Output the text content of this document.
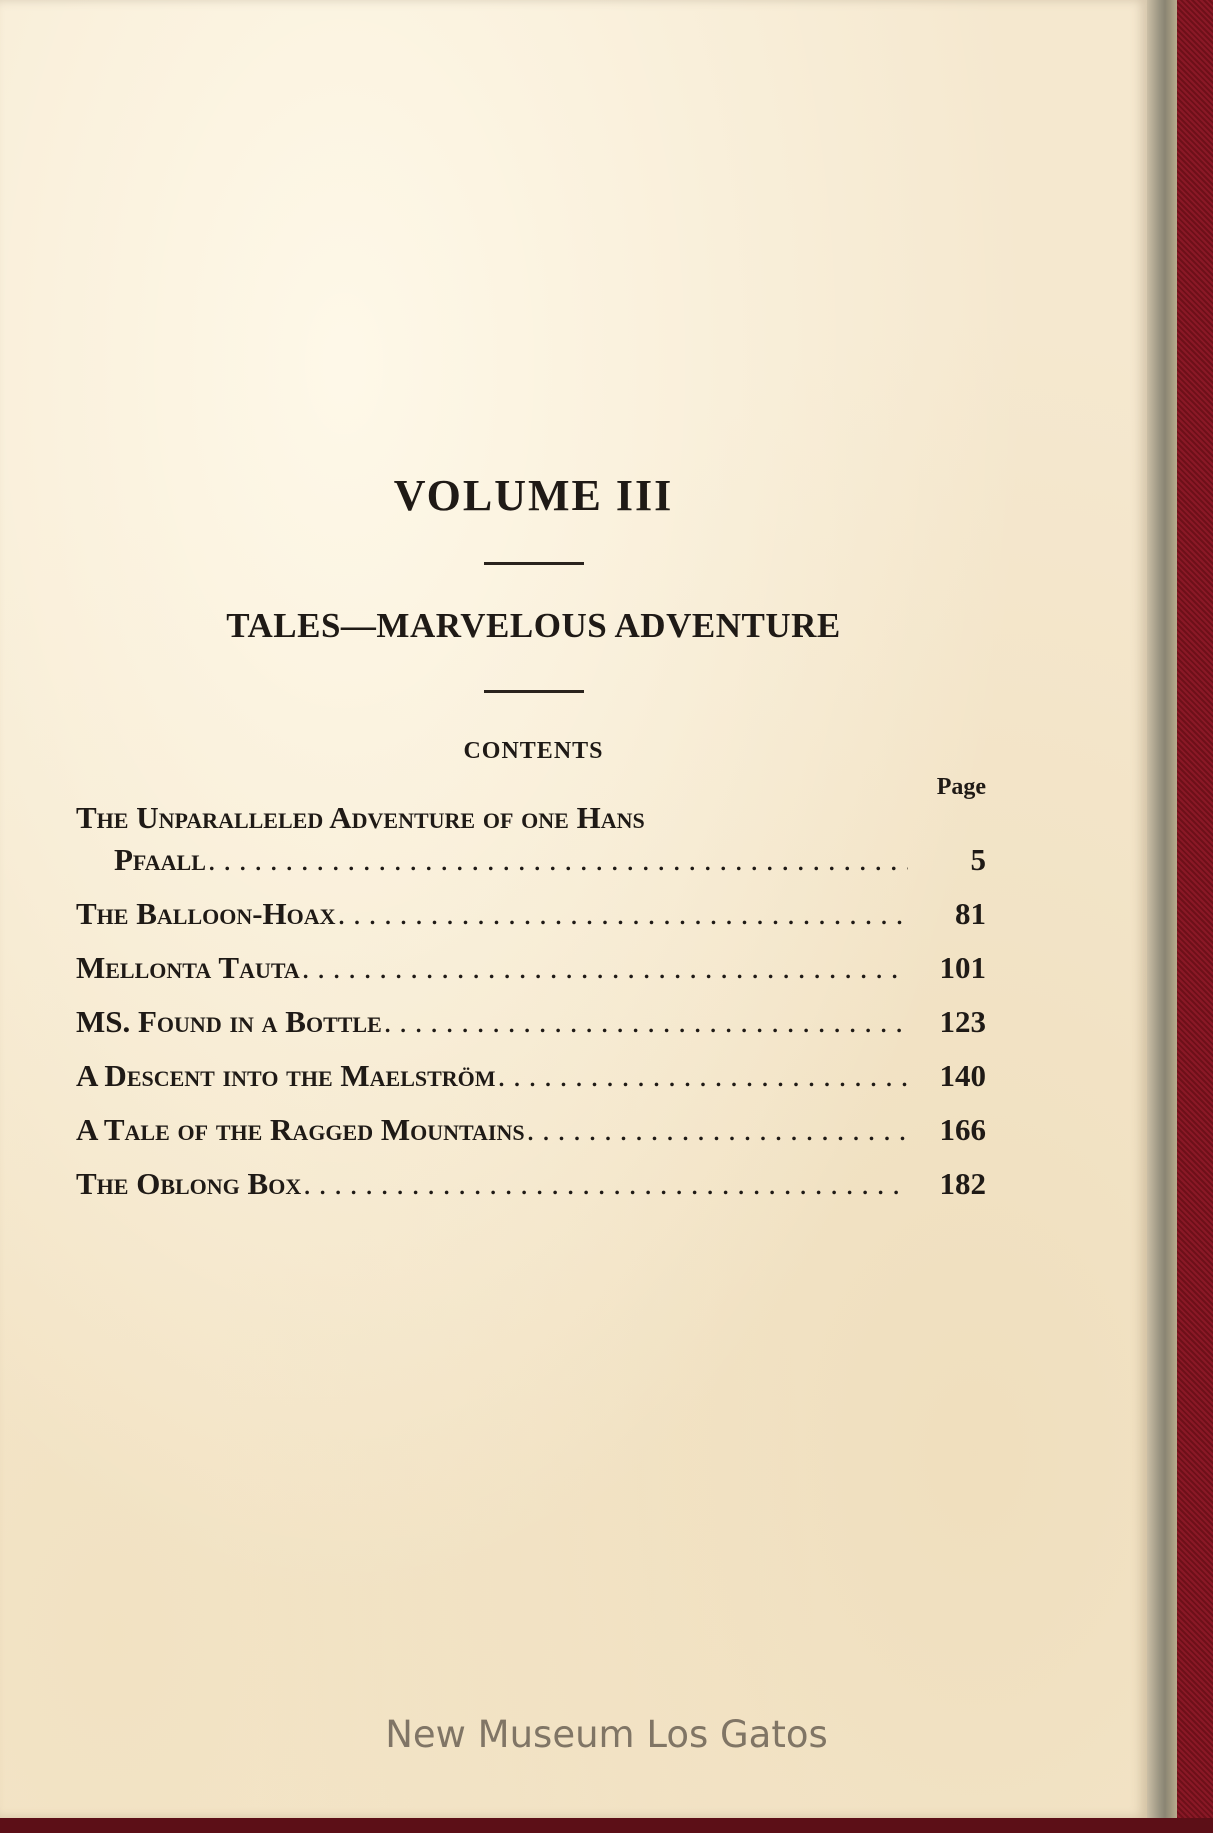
VOLUME III
TALES—MARVELOUS ADVENTURE
CONTENTS
Page
The Unparalleled Adventure of one Hans
Pfaall . . .	5
The Balloon-Hoax . . .	81
Mellonta Tauta . . .	101
MS. Found in a Bottle . . .	123
A Descent into the Maelström . . .	140
A Tale of the Ragged Mountains . . .	166
The Oblong Box . . .	182
New Museum Los Gatos
